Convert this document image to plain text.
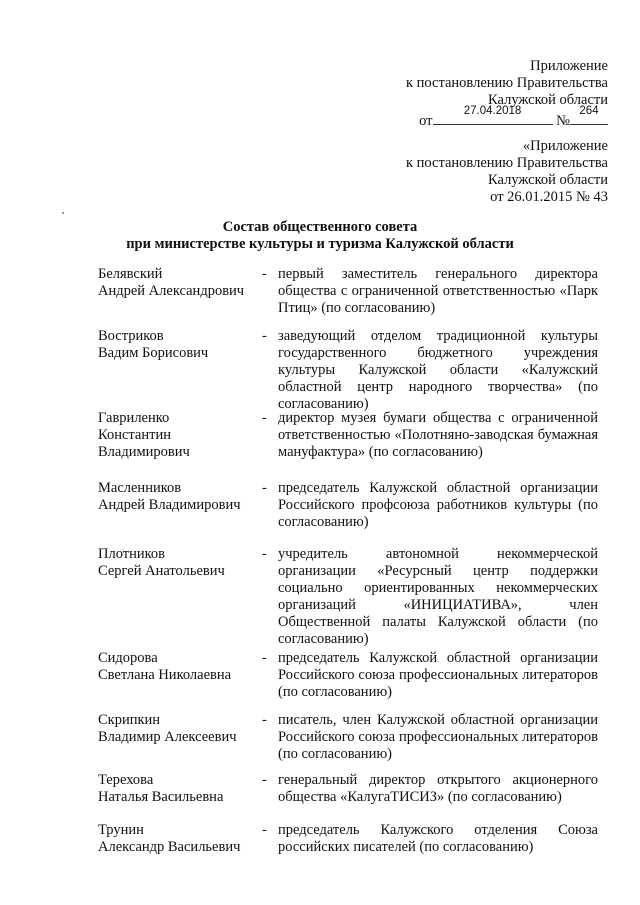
Приложение
к постановлению Правительства
Калужской области
от
27.04.2018
№
264
«Приложение
к постановлению Правительства
Калужской области
от 26.01.2015 № 43
Состав общественного совета
при министерстве культуры и туризма Калужской области
Белявский
Андрей Александрович
- первый заместитель генерального директора общества с ограниченной ответственностью «Парк Птиц» (по согласованию)
Востриков
Вадим Борисович
- заведующий отделом традиционной культуры государственного бюджетного учреждения культуры Калужской области «Калужский областной центр народного творчества» (по согласованию)
Гавриленко
Константин
Владимирович
- директор музея бумаги общества с ограниченной ответственностью «Полотняно-заводская бумажная мануфактура» (по согласованию)
Масленников
Андрей Владимирович
- председатель Калужской областной организации Российского профсоюза работников культуры (по согласованию)
Плотников
Сергей Анатольевич
- учредитель автономной некоммерческой организации «Ресурсный центр поддержки социально ориентированных некоммерческих организаций «ИНИЦИАТИВА», член Общественной палаты Калужской области (по согласованию)
Сидорова
Светлана Николаевна
- председатель Калужской областной организации Российского союза профессиональных литераторов (по согласованию)
Скрипкин
Владимир Алексеевич
- писатель, член Калужской областной организации Российского союза профессиональных литераторов (по согласованию)
Терехова
Наталья Васильевна
- генеральный директор открытого акционерного общества «КалугаТИСИЗ» (по согласованию)
Трунин
Александр Васильевич
- председатель Калужского отделения Союза российских писателей (по согласованию)
